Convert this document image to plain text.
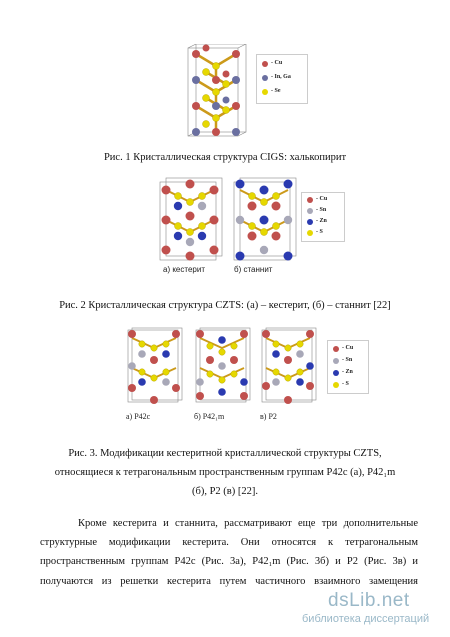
- Cu
- In, Ga
- Se
Рис. 1 Кристаллическая структура CIGS: халькопирит
- Cu
- Sn
- Zn
- S
а) кестерит	б) станнит
Рис. 2 Кристаллическая структура CZTS: (а) – кестерит, (б) – станнит [22]
- Cu
- Sn
- Zn
- S
а) P42c	б) P42₁m	в) P2
Рис. 3. Модификации кестеритной кристаллической структуры CZTS,
относящиеся к тетрагональным пространственным группам P42c (а), P42₁m
(б), P2 (в) [22].
Кроме кестерита и станнита, рассматривают еще три дополнительные
структурные модификации кестерита. Они относятся к тетрагональным
пространственным группам P42c (Рис. 3а), P42₁m (Рис. 3б) и P2 (Рис. 3в) и
получаются из решетки кестерита путем частичного взаимного замещения
dsLib.net
библиотека диссертаций
